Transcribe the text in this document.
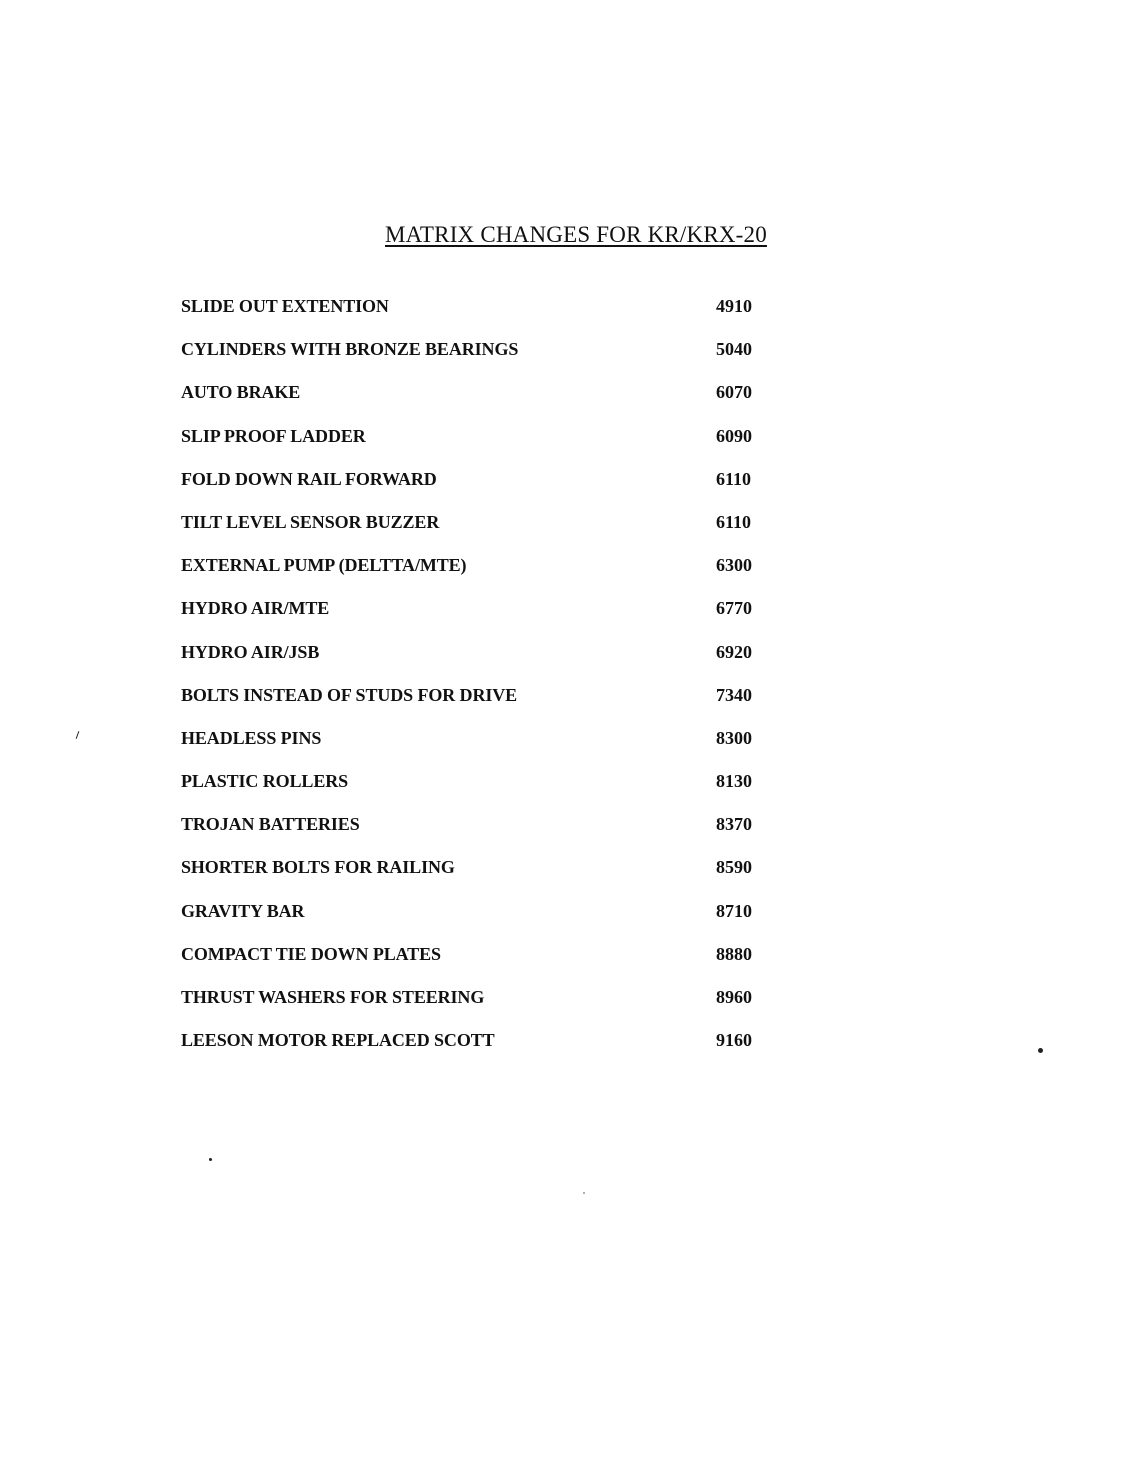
MATRIX CHANGES FOR KR/KRX-20
SLIDE OUT EXTENTION	4910
CYLINDERS WITH BRONZE BEARINGS	5040
AUTO BRAKE	6070
SLIP PROOF LADDER	6090
FOLD DOWN RAIL FORWARD	6110
TILT LEVEL SENSOR BUZZER	6110
EXTERNAL PUMP (DELTTA/MTE)	6300
HYDRO AIR/MTE	6770
HYDRO AIR/JSB	6920
BOLTS INSTEAD OF STUDS FOR DRIVE	7340
HEADLESS PINS	8300
PLASTIC ROLLERS	8130
TROJAN BATTERIES	8370
SHORTER BOLTS FOR RAILING	8590
GRAVITY BAR	8710
COMPACT TIE DOWN PLATES	8880
THRUST WASHERS FOR STEERING	8960
LEESON MOTOR REPLACED SCOTT	9160
